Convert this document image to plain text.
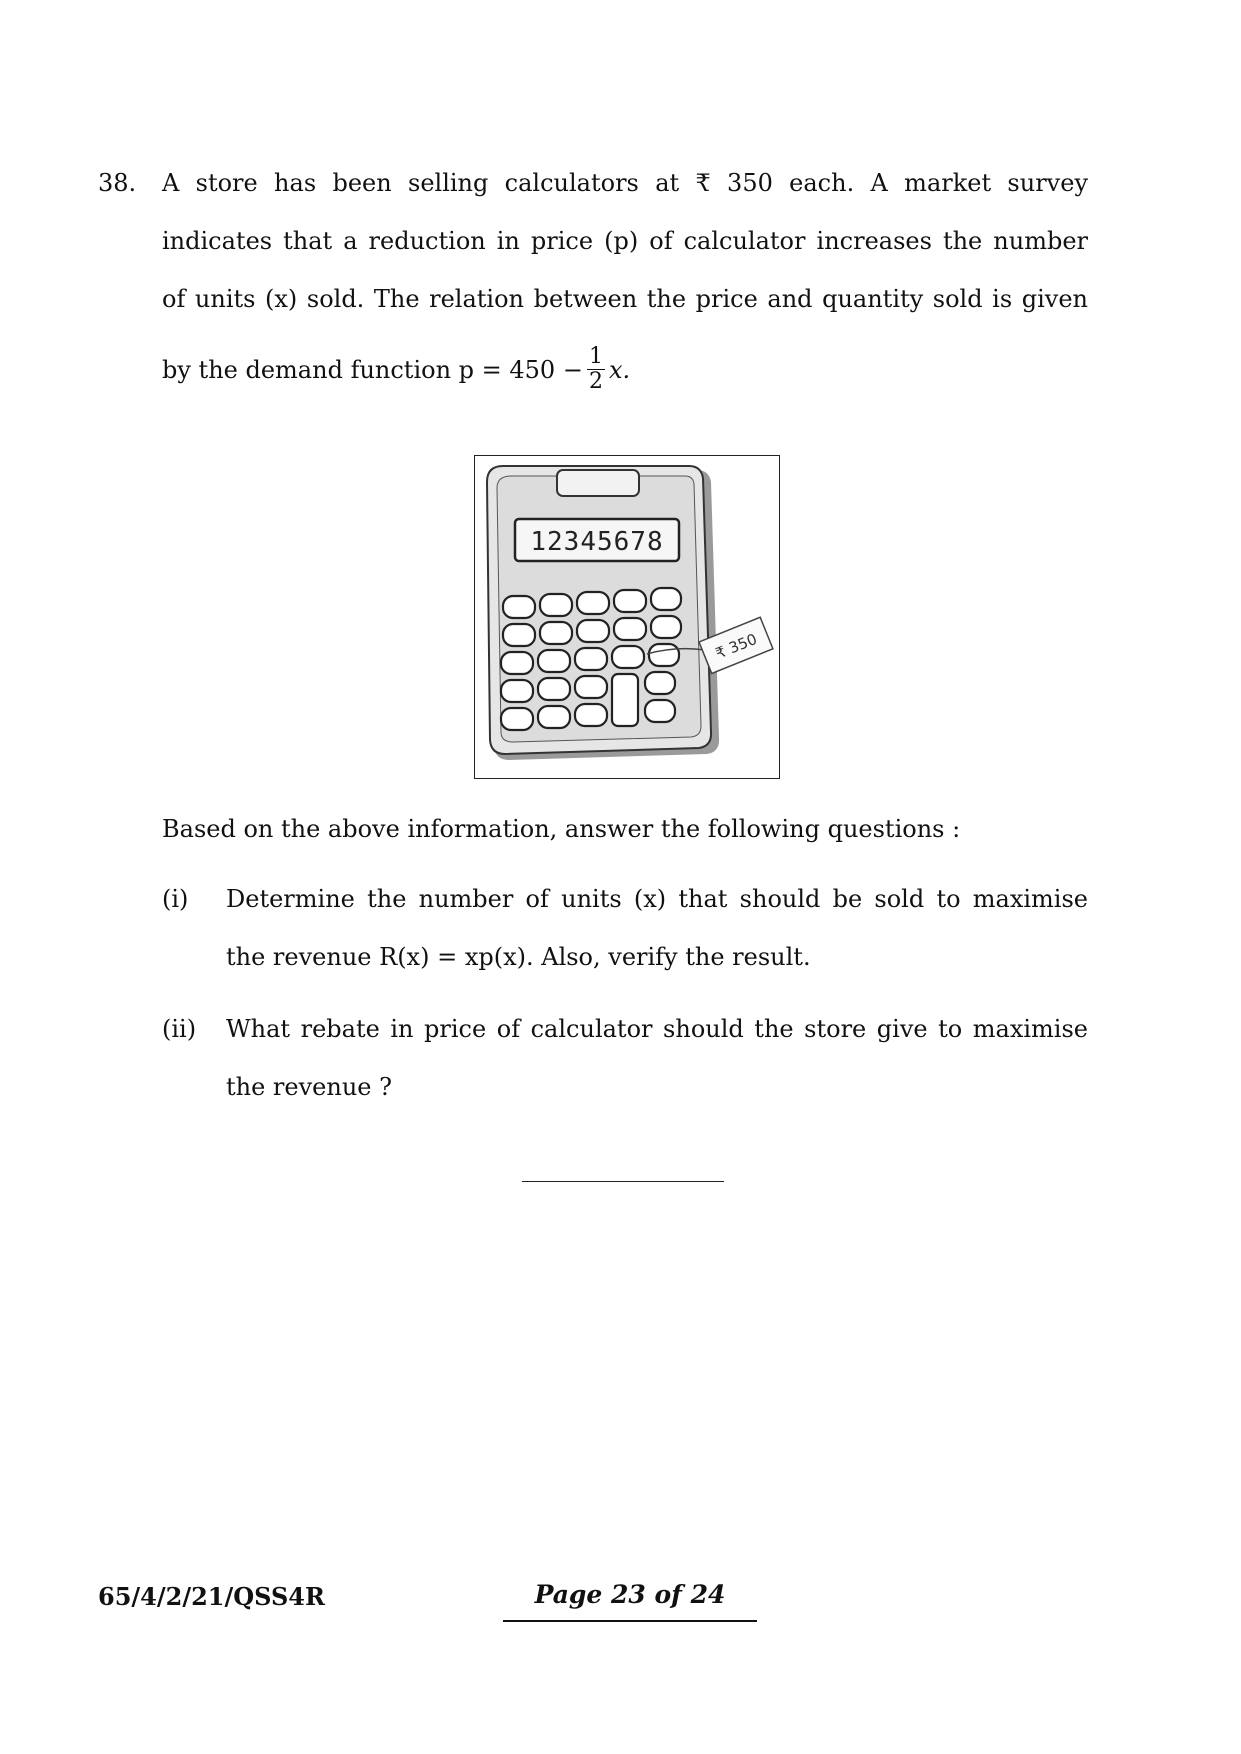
38. A store has been selling calculators at ₹ 350 each. A market survey
indicates that a reduction in price (p) of calculator increases the number
of units (x) sold. The relation between the price and quantity sold is given
by the demand function $p = 450 - \frac{1}{2} x$.
12345678
₹ 350
Based on the above information, answer the following questions :
(i) Determine the number of units (x) that should be sold to maximise
the revenue R(x) = xp(x). Also, verify the result.
(ii) What rebate in price of calculator should the store give to maximise
the revenue ?
65/4/2/21/QSS4R	Page 23 of 24
